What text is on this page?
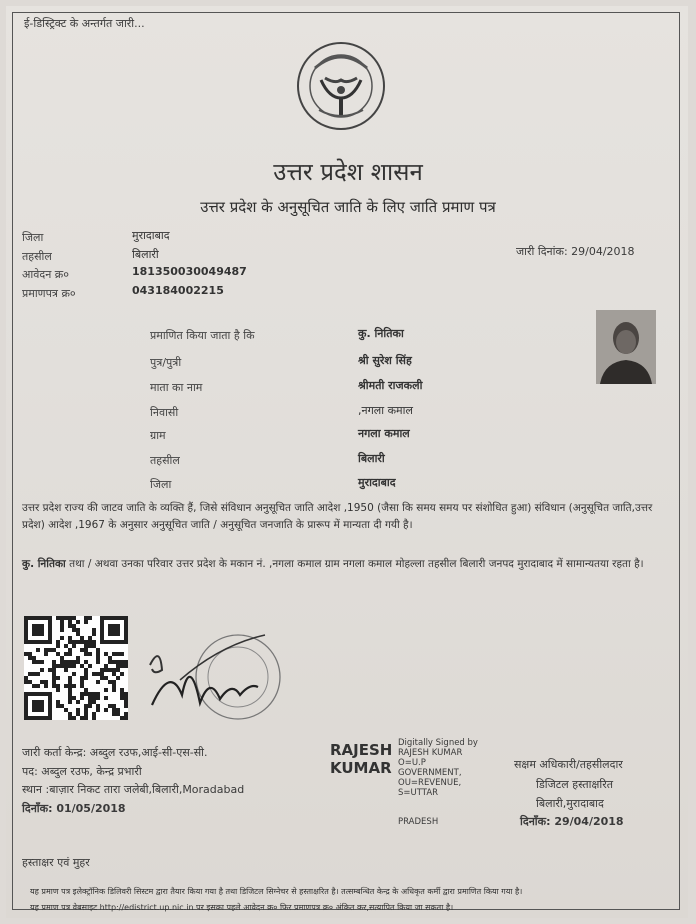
ई-डिस्ट्रिक्ट के अन्तर्गत जारी...
उत्तर प्रदेश शासन
उत्तर प्रदेश के अनुसूचित जाति के लिए जाति प्रमाण पत्र
जिला	मुरादाबाद
तहसील	बिलारी
आवेदन क्र०	181350030049487
प्रमाणपत्र क्र०	043184002215
जारी दिनांक: 29/04/2018
प्रमाणित किया जाता है कि	कु. नितिका
पुत्र/पुत्री	श्री सुरेश सिंह
माता का नाम	श्रीमती राजकली
निवासी	,नगला कमाल
ग्राम	नगला कमाल
तहसील	बिलारी
जिला	मुरादाबाद
उत्तर प्रदेश राज्य की जाटव जाति के व्यक्ति हैं, जिसे संविधान अनुसूचित जाति आदेश ,1950 (जैसा कि समय समय पर संशोधित हुआ) संविधान (अनुसूचित जाति,उत्तर प्रदेश) आदेश ,1967 के अनुसार अनुसूचित जाति / अनुसूचित जनजाति के प्रारूप में मान्यता दी गयी है।
कु. नितिका तथा / अथवा उनका परिवार उत्तर प्रदेश के मकान नं. ,नगला कमाल ग्राम नगला कमाल मोहल्ला तहसील बिलारी जनपद मुरादाबाद में सामान्यतया रहता है।
जारी कर्ता केन्द्र: अब्दुल रउफ,आई-सी-एस-सी.
पद: अब्दुल रउफ, केन्द्र प्रभारी
स्थान :बाज़ार निकट तारा जलेबी,बिलारी,Moradabad
दिनाँक: 01/05/2018
RAJESH
KUMAR
Digitally Signed by
RAJESH KUMAR
O=U.P
GOVERNMENT,
OU=REVENUE,
S=UTTAR
PRADESH
सक्षम अधिकारी/तहसीलदार
डिजिटल हस्ताक्षरित
बिलारी,मुरादाबाद
दिनाँक: 29/04/2018
हस्ताक्षर एवं मुहर
यह प्रमाण पत्र इलेक्ट्रॉनिक डिलिवरी सिस्टम द्वारा तैयार किया गया है तथा डिजिटल सिग्नेचर से हस्ताक्षरित है। तत्सम्बन्धित केन्द्र के अधिकृत कर्मी द्वारा प्रमाणित किया गया है।
यह प्रमाण पत्र वेबसाइट http://edistrict.up.nic.in पर इसका पहले आवेदन क्र० फिर प्रमाणपत्र क्र० अंकित कर,सत्यापित किया जा सकता है।
